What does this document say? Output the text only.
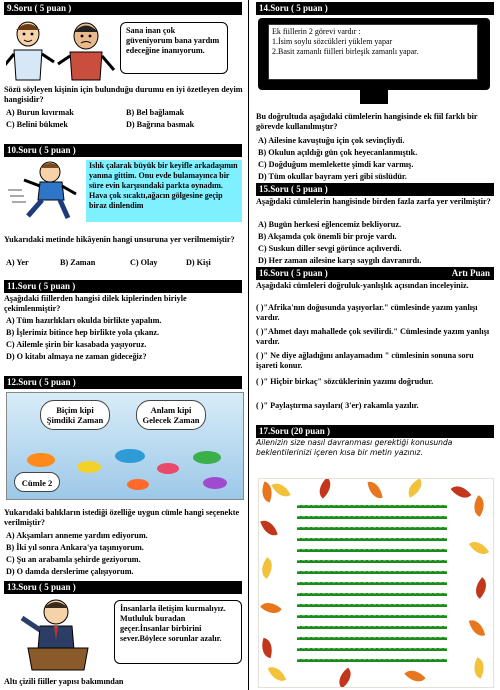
9.Soru ( 5 puan )
Sana inan çok güveniyorum bana yardım edeceğine inanıyorum.
Sözü söyleyen kişinin için bulunduğu durumu en iyi özetleyen deyim hangisidir?
A) Burun kıvırmak	B) Bel bağlamak
C) Belini bükmek	D) Bağrına basmak
10.Soru ( 5 puan )
Islık çalarak büyük bir keyifle arkadaşımın yanına gittim. Onu evde bulamayınca bir süre evin karşısındaki parkta oynadım. Hava çok sıcaktı,ağacın gölgesine geçip biraz dinlendim
Yukarıdaki metinde hikâyenin hangi unsuruna yer verilmemiştir?
A) Yer	B) Zaman	C) Olay	D) Kişi
11.Soru ( 5 puan )
Aşağıdaki fiillerden hangisi dilek kiplerinden biriyle çekimlenmiştir?
A) Tüm hazırlıkları okulda birlikte yapalım.
B) İşlerimiz bitince hep birlikte yola çıkanz.
C) Ailemle şirin bir kasabada yaşıyoruz.
D) O kitabı almaya ne zaman gideceğiz?
12.Soru ( 5 puan )
Biçim kipi Şimdiki Zaman
Anlam kipi Gelecek Zaman
Cümle 2
Yukarıdaki balıkların istediği özelliğe uygun cümle hangi seçenekte verilmiştir?
A) Akşamları anneme yardım ediyorum.
B) İki yıl sonra Ankara'ya taşınıyorum.
C) Şu an arabamla şehirde geziyorum.
D) O damda derslerime çalışıyorum.
13.Soru ( 5 puan )
İnsanlarla iletişim kurmalıyız. Mutluluk buradan geçer.İnsanlar birbirini sever.Böylece sorunlar azalır.
Altı çizili fiiller yapısı bakımından
14.Soru ( 5 puan )
Ek fiillerin 2 görevi vardır :
1.İsim soylu sözcükleri yüklem yapar
2.Basit zamanlı fiilleri birleşik zamanlı yapar.
Bu doğrultuda aşağıdaki cümlelerin hangisinde ek fiil farklı bir görevde kullanılmıştır?
A) Ailesine kavuştuğu için çok sevinçliydi.
B) Okulun açıldığı gün çok heyecanlanmıştık.
C) Doğduğum memlekette şimdi kar varmış.
D) Tüm okullar bayram yeri gibi süslüdür.
15.Soru ( 5 puan )
Aşağıdaki cümlelerin hangisinde birden fazla zarfa yer verilmiştir?
A) Bugün herkesi eğlencemiz bekliyoruz.
B) Akşamda çok önemli bir proje vardı.
C) Suskun diller sevgi görünce açılıverdi.
D) Her zaman ailesine karşı saygılı davranırdı.
16.Soru ( 5 puan )	Artı Puan
Aşağıdaki cümleleri doğruluk-yanlışlık açısından inceleyiniz.
( )"Afrika'nın doğusunda yaşıyorlar." cümlesinde yazım yanlışı vardır.
( )"Ahmet dayı mahallede çok sevilirdi." Cümlesinde yazım yanlışı vardır.
( )" Ne diye ağladığını anlayamadım " cümlesinin sonuna soru işareti konur.
( )" Hiçbir birkaç" sözcüklerinin yazımı doğrudur.
( )" Paylaştırma sayıları( 3'er) rakamla yazılır.
17.Soru (20 puan )
Ailenizin size nasıl davranması gerektiği konusunda beklentilerinizi içeren kısa bir metin yazınız.
